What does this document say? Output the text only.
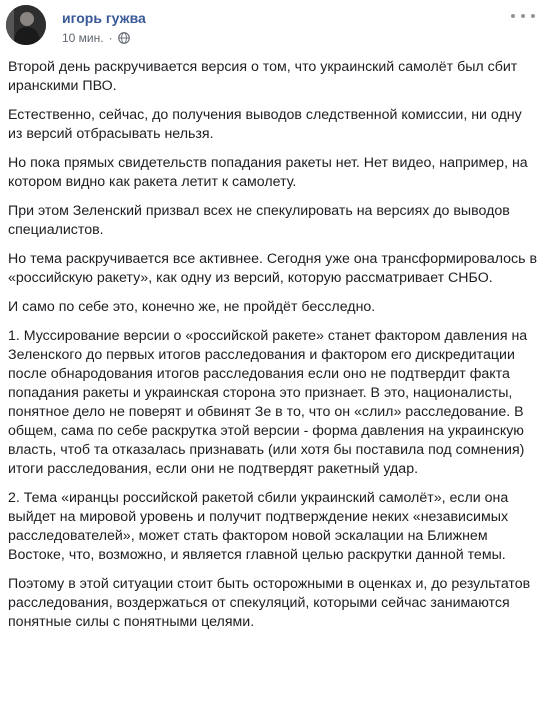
игорь гужва
10 мин. ·

Второй день раскручивается версия о том, что украинский самолёт был сбит иранскими ПВО.

Естественно, сейчас, до получения выводов следственной комиссии, ни одну из версий отбрасывать нельзя.

Но пока прямых свидетельств попадания ракеты нет. Нет видео, например, на котором видно как ракета летит к самолету.

При этом Зеленский призвал всех не спекулировать на версиях до выводов специалистов.

Но тема раскручивается все активнее. Сегодня уже она трансформировалось в «российскую ракету», как одну из версий, которую рассматривает СНБО.

И само по себе это, конечно же, не пройдёт бесследно.

1. Муссирование версии о «российской ракете» станет фактором давления на Зеленского до первых итогов расследования и фактором его дискредитации после обнародования итогов расследования если оно не подтвердит факта попадания ракеты и украинская сторона это признает. В это, националисты, понятное дело не поверят и обвинят Зе в то, что он «слил» расследование. В общем, сама по себе раскрутка этой версии - форма давления на украинскую власть, чтоб та отказалась признавать (или хотя бы поставила под сомнения) итоги расследования, если они не подтвердят ракетный удар.

2. Тема «иранцы российской ракетой сбили украинский самолёт», если она выйдет на мировой уровень и получит подтверждение неких «независимых расследователей», может стать фактором новой эскалации на Ближнем Востоке, что, возможно, и является главной целью раскрутки данной темы.

Поэтому в этой ситуации стоит быть осторожными в оценках и, до результатов расследования, воздержаться от спекуляций, которыми сейчас занимаются понятные силы с понятными целями.
